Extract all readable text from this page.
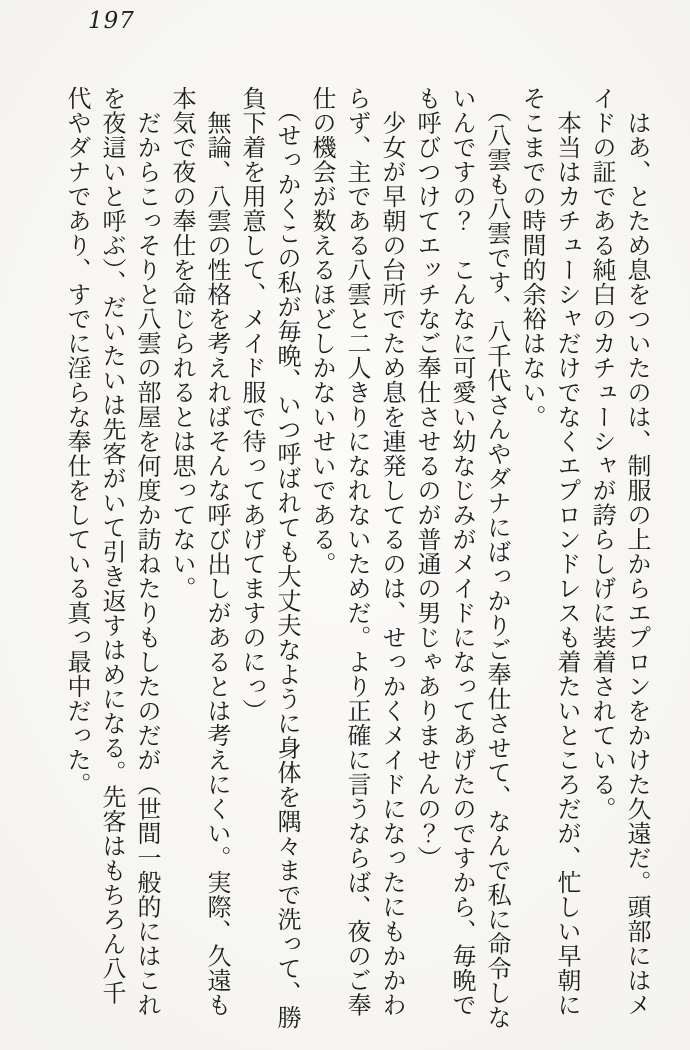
197
　はあ、とため息をついたのは、制服の上からエプロンをかけた久遠だ。頭部にはメ
イドの証である純白のカチューシャが誇らしげに装着されている。
　本当はカチューシャだけでなくエプロンドレスも着たいところだが、忙しい早朝に
そこまでの時間的余裕はない。
 （八雲も八雲です、八千代さんやダナにばっかりご奉仕させて、なんで私に命令しな
いんですの？　こんなに可愛い幼なじみがメイドになってあげたのですから、毎晩で
も呼びつけてエッチなご奉仕させるのが普通の男じゃありませんの？）
　少女が早朝の台所でため息を連発してるのは、せっかくメイドになったにもかかわ
らず、主である八雲と二人きりになれないためだ。より正確に言うならば、夜のご奉
仕の機会が数えるほどしかないせいである。
 （せっかくこの私が毎晩、いつ呼ばれても大丈夫なように身体を隅々まで洗って、勝
負下着を用意して、メイド服で待ってあげてますのにっ）
　無論、八雲の性格を考えればそんな呼び出しがあるとは考えにくい。実際、久遠も
本気で夜の奉仕を命じられるとは思ってない。
　だからこっそりと八雲の部屋を何度か訪ねたりもしたのだが（世間一般的にはこれ
を夜這いと呼ぶ）、だいたいは先客がいて引き返すはめになる。先客はもちろん八千
代やダナであり、すでに淫らな奉仕をしている真っ最中だった。
